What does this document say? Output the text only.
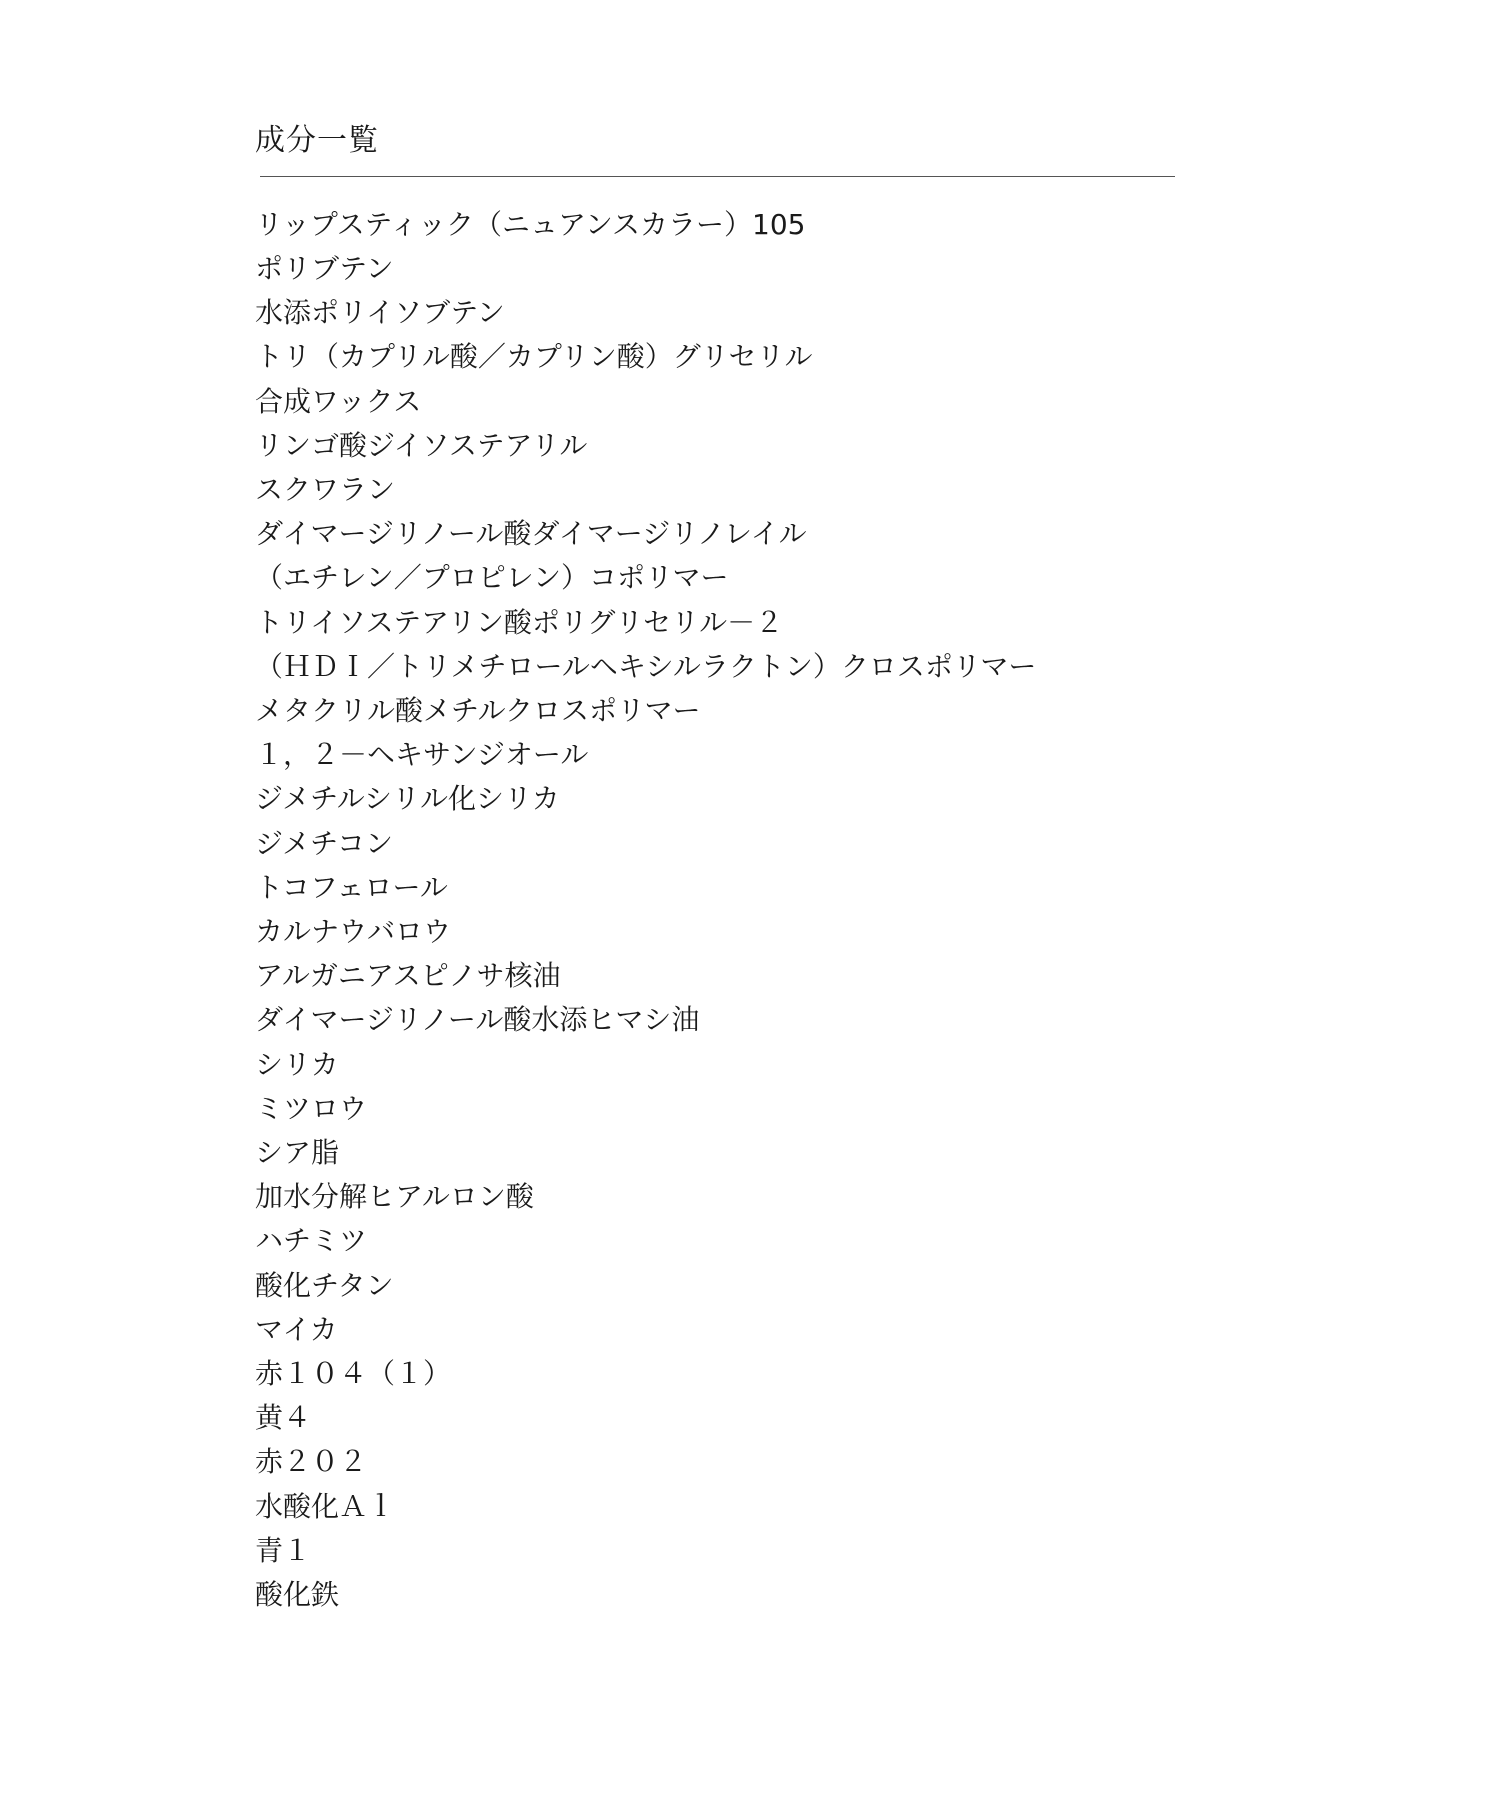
成分一覧
リップスティック（ニュアンスカラー）105
ポリブテン
水添ポリイソブテン
トリ（カプリル酸／カプリン酸）グリセリル
合成ワックス
リンゴ酸ジイソステアリル
スクワラン
ダイマージリノール酸ダイマージリノレイル
（エチレン／プロピレン）コポリマー
トリイソステアリン酸ポリグリセリル－２
（ＨＤＩ／トリメチロールヘキシルラクトン）クロスポリマー
メタクリル酸メチルクロスポリマー
１，２－ヘキサンジオール
ジメチルシリル化シリカ
ジメチコン
トコフェロール
カルナウバロウ
アルガニアスピノサ核油
ダイマージリノール酸水添ヒマシ油
シリカ
ミツロウ
シア脂
加水分解ヒアルロン酸
ハチミツ
酸化チタン
マイカ
赤１０４（１）
黄４
赤２０２
水酸化Ａｌ
青１
酸化鉄
